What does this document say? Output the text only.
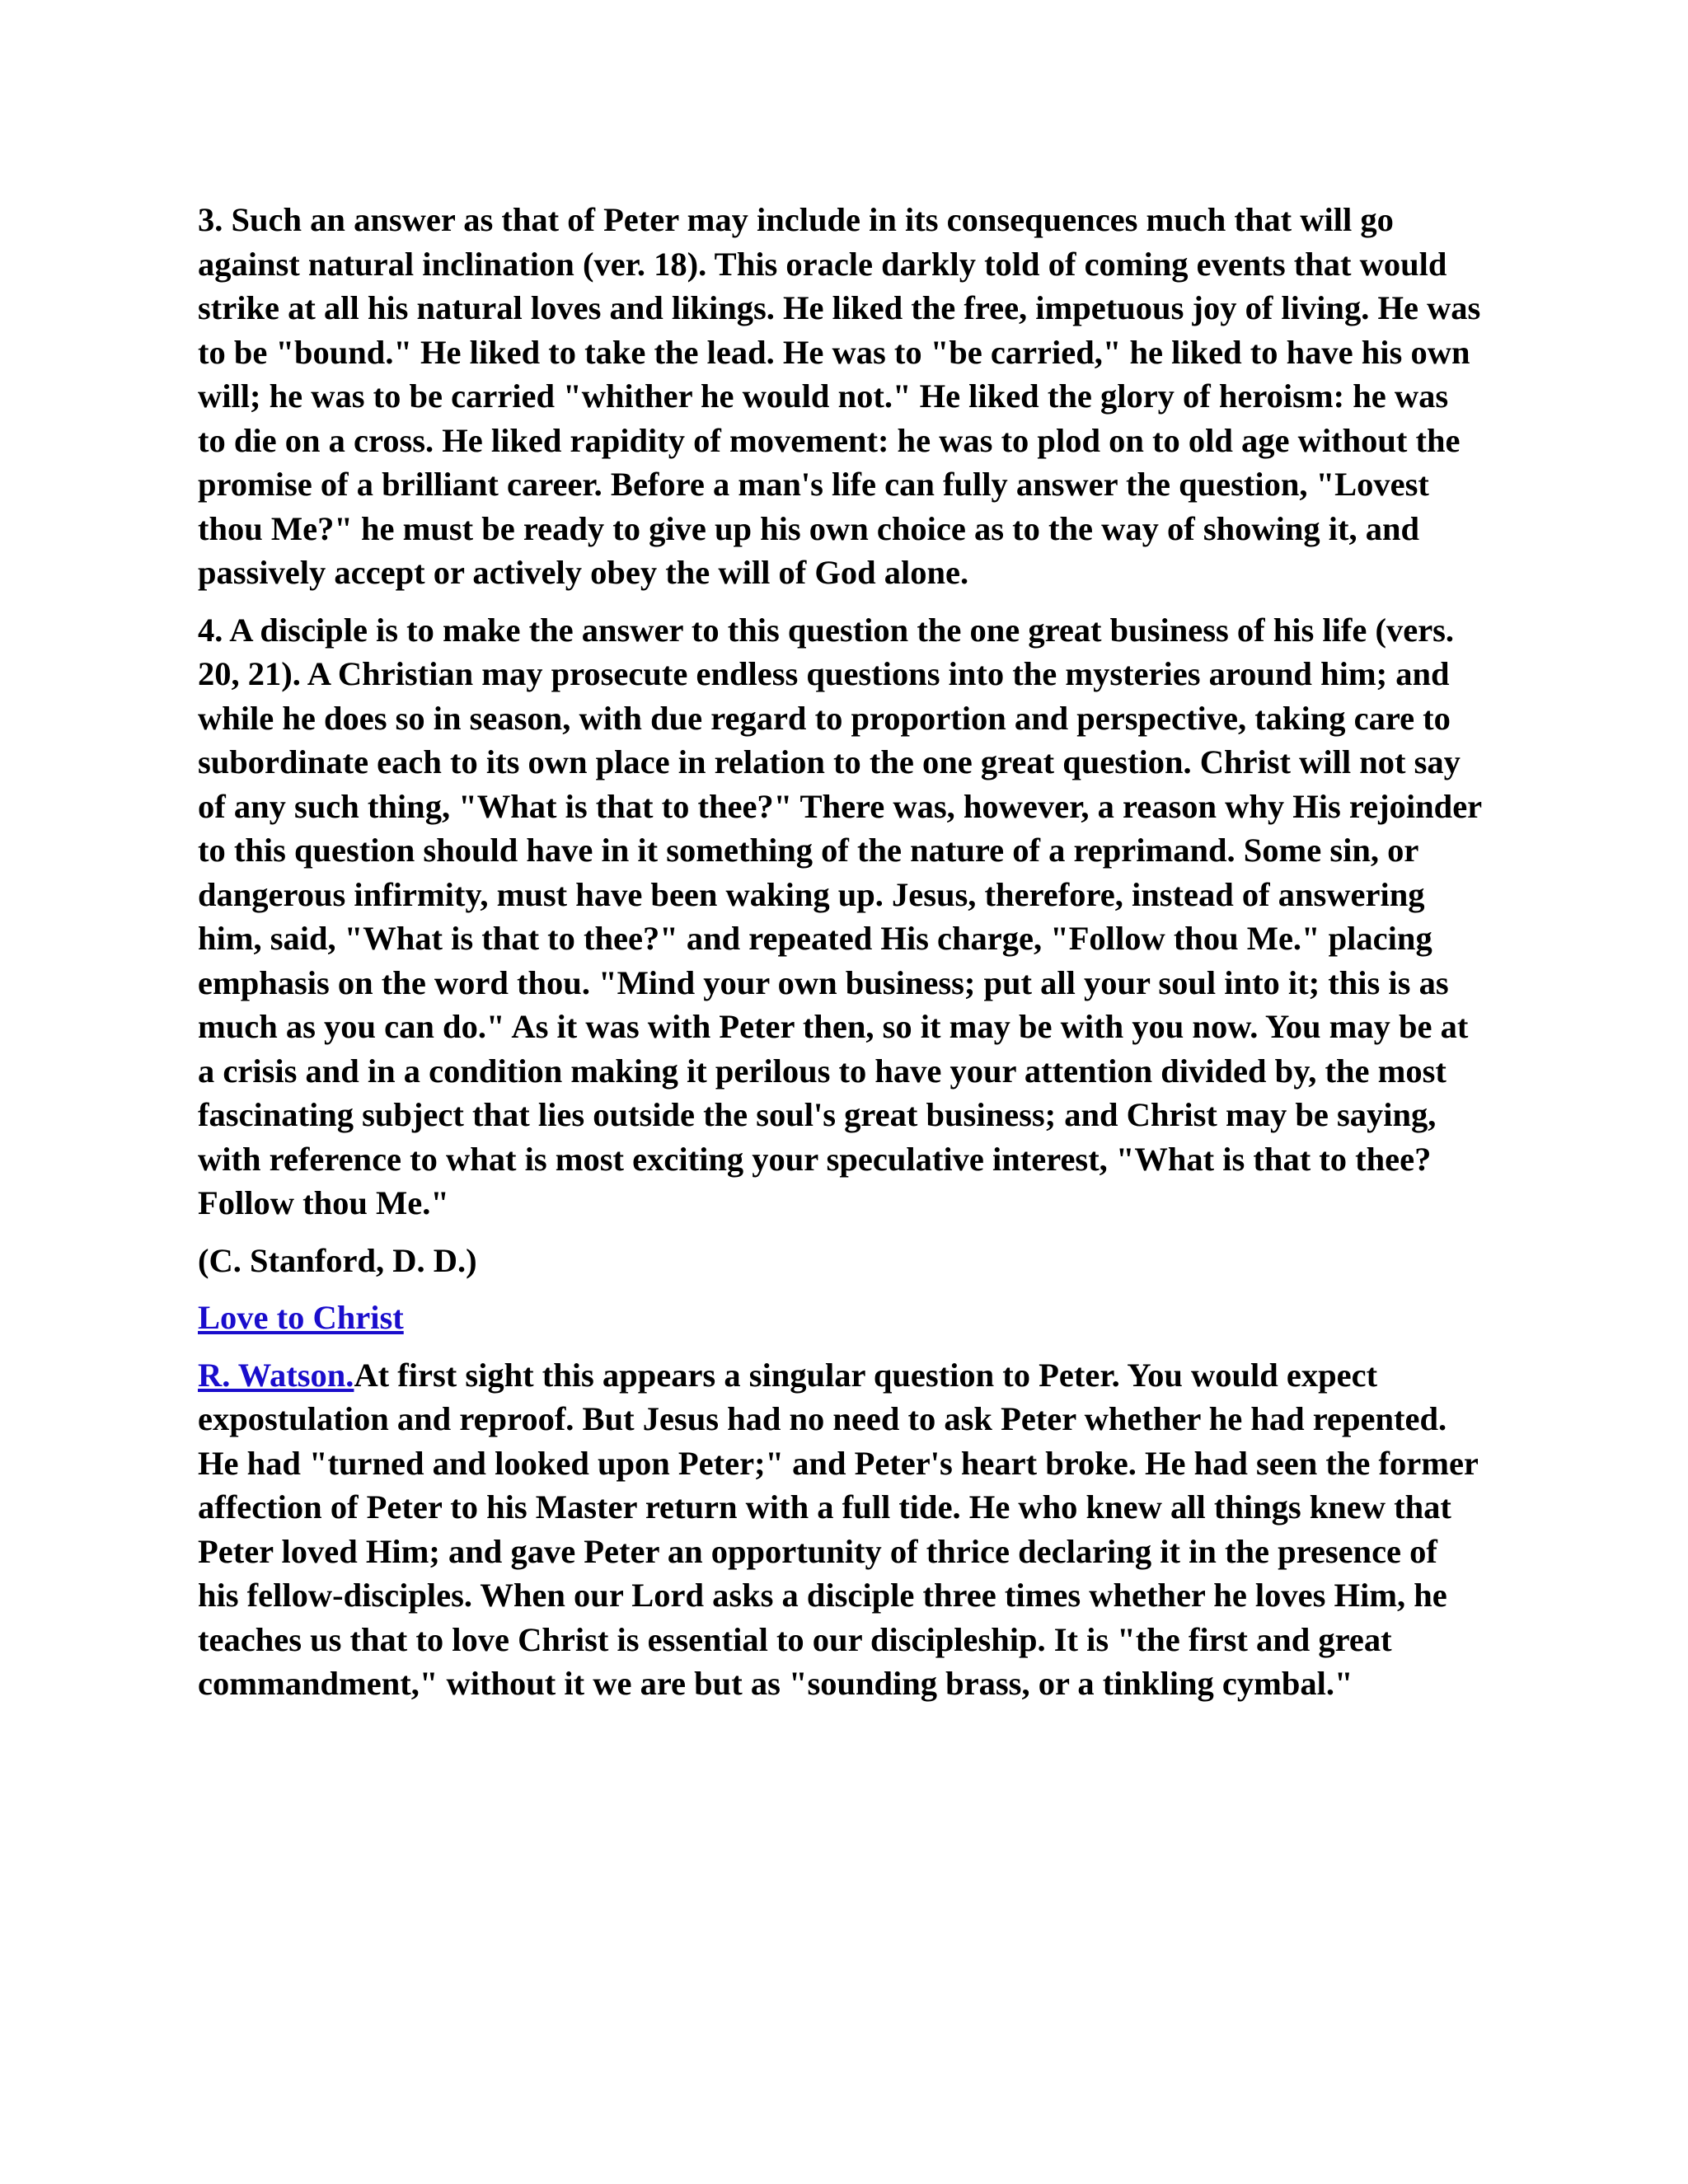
3. Such an answer as that of Peter may include in its consequences much that will go against natural inclination (ver. 18). This oracle darkly told of coming events that would strike at all his natural loves and likings. He liked the free, impetuous joy of living. He was to be "bound." He liked to take the lead. He was to "be carried," he liked to have his own will; he was to be carried "whither he would not." He liked the glory of heroism: he was to die on a cross. He liked rapidity of movement: he was to plod on to old age without the promise of a brilliant career. Before a man's life can fully answer the question, "Lovest thou Me?" he must be ready to give up his own choice as to the way of showing it, and passively accept or actively obey the will of God alone.

4. A disciple is to make the answer to this question the one great business of his life (vers. 20, 21). A Christian may prosecute endless questions into the mysteries around him; and while he does so in season, with due regard to proportion and perspective, taking care to subordinate each to its own place in relation to the one great question. Christ will not say of any such thing, "What is that to thee?" There was, however, a reason why His rejoinder to this question should have in it something of the nature of a reprimand. Some sin, or dangerous infirmity, must have been waking up. Jesus, therefore, instead of answering him, said, "What is that to thee?" and repeated His charge, "Follow thou Me." placing emphasis on the word thou. "Mind your own business; put all your soul into it; this is as much as you can do." As it was with Peter then, so it may be with you now. You may be at a crisis and in a condition making it perilous to have your attention divided by, the most fascinating subject that lies outside the soul's great business; and Christ may be saying, with reference to what is most exciting your speculative interest, "What is that to thee? Follow thou Me."

(C. Stanford, D. D.)

Love to Christ

R. Watson.At first sight this appears a singular question to Peter. You would expect expostulation and reproof. But Jesus had no need to ask Peter whether he had repented. He had "turned and looked upon Peter;" and Peter's heart broke. He had seen the former affection of Peter to his Master return with a full tide. He who knew all things knew that Peter loved Him; and gave Peter an opportunity of thrice declaring it in the presence of his fellow-disciples. When our Lord asks a disciple three times whether he loves Him, he teaches us that to love Christ is essential to our discipleship. It is "the first and great commandment," without it we are but as "sounding brass, or a tinkling cymbal."
